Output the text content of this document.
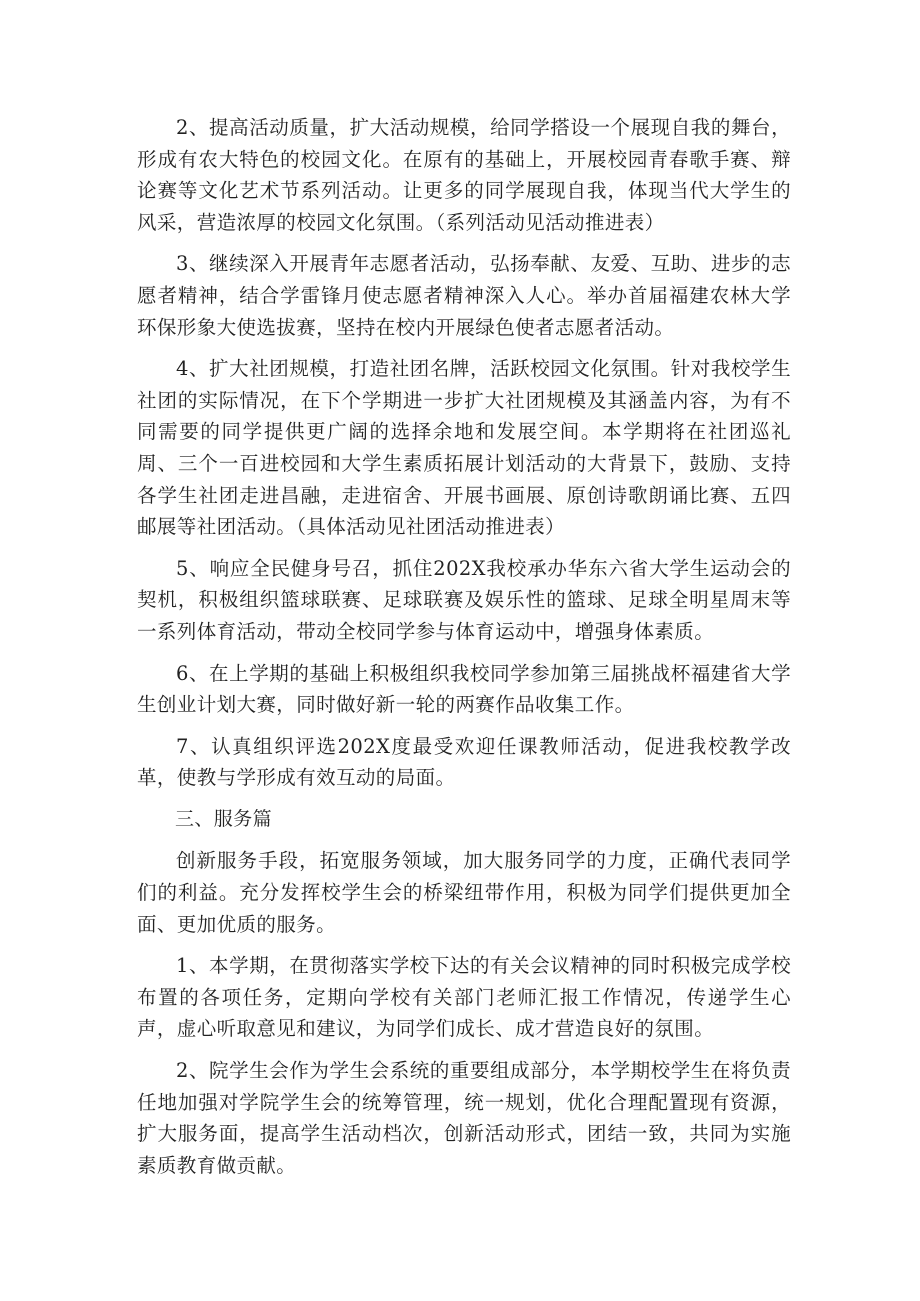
2、提高活动质量，扩大活动规模，给同学搭设一个展现自我的舞台，形成有农大特色的校园文化。在原有的基础上，开展校园青春歌手赛、辩论赛等文化艺术节系列活动。让更多的同学展现自我，体现当代大学生的风采，营造浓厚的校园文化氛围。（系列活动见活动推进表）

3、继续深入开展青年志愿者活动，弘扬奉献、友爱、互助、进步的志愿者精神，结合学雷锋月使志愿者精神深入人心。举办首届福建农林大学环保形象大使选拔赛，坚持在校内开展绿色使者志愿者活动。

4、扩大社团规模，打造社团名牌，活跃校园文化氛围。针对我校学生社团的实际情况，在下个学期进一步扩大社团规模及其涵盖内容，为有不同需要的同学提供更广阔的选择余地和发展空间。本学期将在社团巡礼周、三个一百进校园和大学生素质拓展计划活动的大背景下，鼓励、支持各学生社团走进昌融，走进宿舍、开展书画展、原创诗歌朗诵比赛、五四邮展等社团活动。（具体活动见社团活动推进表）

5、响应全民健身号召，抓住202X我校承办华东六省大学生运动会的契机，积极组织篮球联赛、足球联赛及娱乐性的篮球、足球全明星周末等一系列体育活动，带动全校同学参与体育运动中，增强身体素质。

6、在上学期的基础上积极组织我校同学参加第三届挑战杯福建省大学生创业计划大赛，同时做好新一轮的两赛作品收集工作。

7、认真组织评选202X度最受欢迎任课教师活动，促进我校教学改革，使教与学形成有效互动的局面。

三、服务篇

创新服务手段，拓宽服务领域，加大服务同学的力度，正确代表同学们的利益。充分发挥校学生会的桥梁纽带作用，积极为同学们提供更加全面、更加优质的服务。

1、本学期，在贯彻落实学校下达的有关会议精神的同时积极完成学校布置的各项任务，定期向学校有关部门老师汇报工作情况，传递学生心声，虚心听取意见和建议，为同学们成长、成才营造良好的氛围。

2、院学生会作为学生会系统的重要组成部分，本学期校学生在将负责任地加强对学院学生会的统筹管理，统一规划，优化合理配置现有资源，扩大服务面，提高学生活动档次，创新活动形式，团结一致，共同为实施素质教育做贡献。
